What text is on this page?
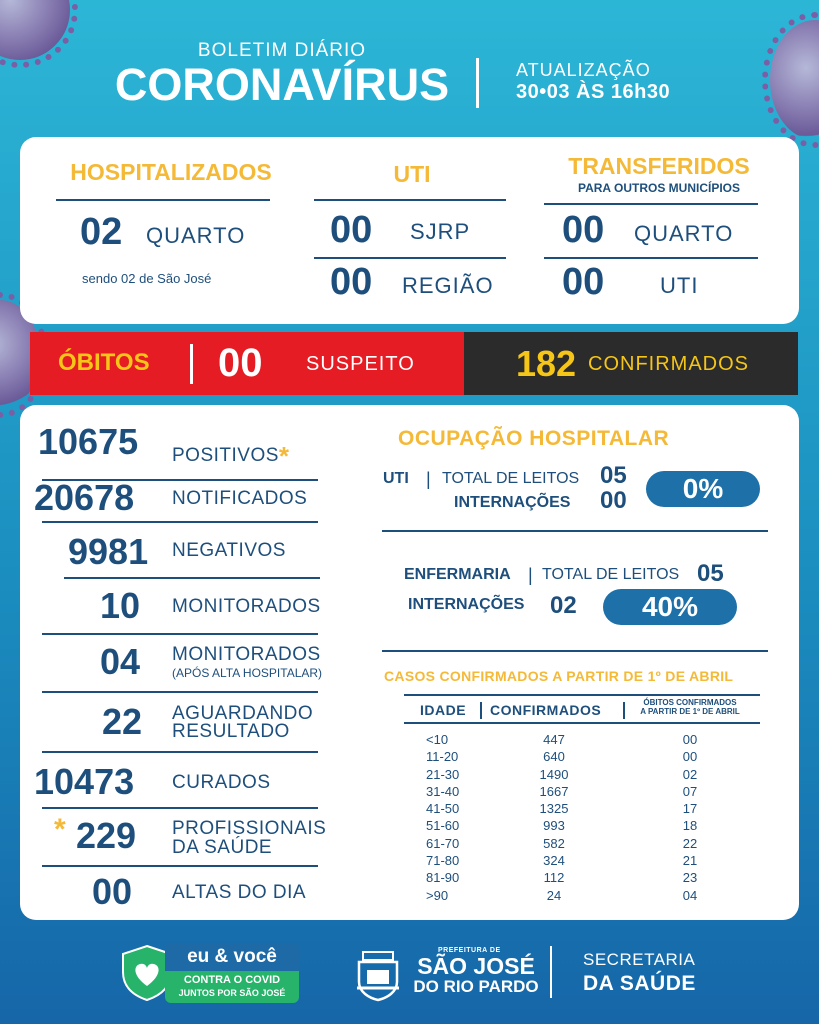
BOLETIM DIÁRIO
CORONAVÍRUS	ATUALIZAÇÃO
30•03 ÀS 16h30
HOSPITALIZADOS
02 QUARTO
sendo 02 de São José
UTI
00 SJRP
00 REGIÃO
TRANSFERIDOS
PARA OUTROS MUNICÍPIOS
00 QUARTO
00	UTI
ÓBITOS 00 SUSPEITO	182 CONFIRMADOS
10675 POSITIVOS*
20678 NOTIFICADOS
9981 NEGATIVOS
10 MONITORADOS
04 MONITORADOS
(APÓS ALTA HOSPITALAR)
22 AGUARDANDO
RESULTADO
10473 CURADOS
* 229 PROFISSIONAIS
DA SAÚDE
00 ALTAS DO DIA
OCUPAÇÃO HOSPITALAR
UTI | TOTAL DE LEITOS 05
INTERNAÇÕES 00	0%
ENFERMARIA | TOTAL DE LEITOS 05
INTERNAÇÕES 02	40%
CASOS CONFIRMADOS A PARTIR DE 1º DE ABRIL
IDADE CONFIRMADOS	ÓBITOS CONFIRMADOS
A PARTIR DE 1º DE ABRIL
<10	447	00
11-20	640	00
21-30	1490	02
31-40	1667	07
41-50	1325	17
51-60	993	18
61-70	582	22
71-80	324	21
81-90	112	23
>90	24	04
eu & você
CONTRA O COVID
JUNTOS POR SÃO JOSÉ
PREFEITURA DE
SÃO JOSÉ
DO RIO PARDO
SECRETARIA
DA SAÚDE
